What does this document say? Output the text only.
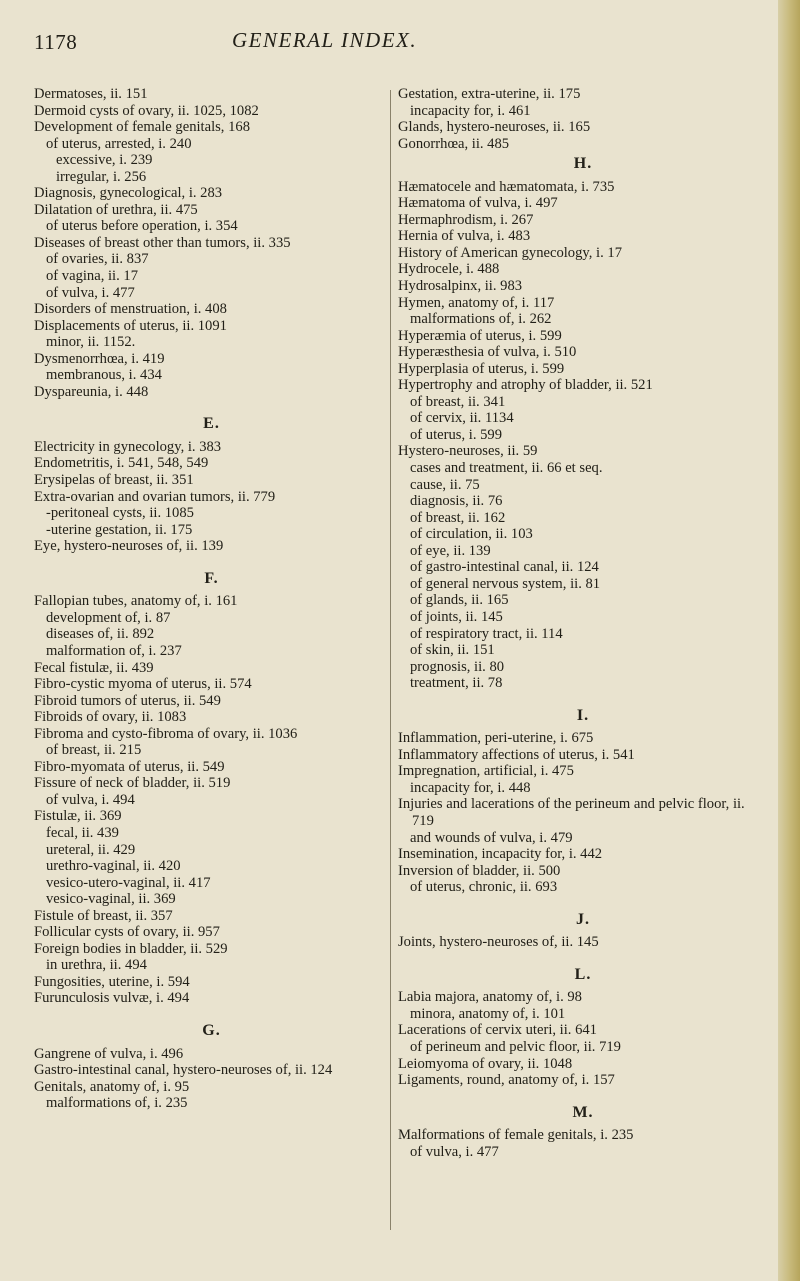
1178	GENERAL INDEX.
Dermatoses, ii. 151
Dermoid cysts of ovary, ii. 1025, 1082
Development of female genitals, 168
of uterus, arrested, i. 240
excessive, i. 239
irregular, i. 256
Diagnosis, gynecological, i. 283
Dilatation of urethra, ii. 475
of uterus before operation, i. 354
Diseases of breast other than tumors, ii. 335
of ovaries, ii. 837
of vagina, ii. 17
of vulva, i. 477
Disorders of menstruation, i. 408
Displacements of uterus, ii. 1091
minor, ii. 1152.
Dysmenorrhœa, i. 419
membranous, i. 434
Dyspareunia, i. 448
E.
Electricity in gynecology, i. 383
Endometritis, i. 541, 548, 549
Erysipelas of breast, ii. 351
Extra-ovarian and ovarian tumors, ii. 779
-peritoneal cysts, ii. 1085
-uterine gestation, ii. 175
Eye, hystero-neuroses of, ii. 139
F.
Fallopian tubes, anatomy of, i. 161
development of, i. 87
diseases of, ii. 892
malformation of, i. 237
Fecal fistulæ, ii. 439
Fibro-cystic myoma of uterus, ii. 574
Fibroid tumors of uterus, ii. 549
Fibroids of ovary, ii. 1083
Fibroma and cysto-fibroma of ovary, ii. 1036
of breast, ii. 215
Fibro-myomata of uterus, ii. 549
Fissure of neck of bladder, ii. 519
of vulva, i. 494
Fistulæ, ii. 369
fecal, ii. 439
ureteral, ii. 429
urethro-vaginal, ii. 420
vesico-utero-vaginal, ii. 417
vesico-vaginal, ii. 369
Fistule of breast, ii. 357
Follicular cysts of ovary, ii. 957
Foreign bodies in bladder, ii. 529
in urethra, ii. 494
Fungosities, uterine, i. 594
Furunculosis vulvæ, i. 494
G.
Gangrene of vulva, i. 496
Gastro-intestinal canal, hystero-neuroses of, ii. 124
Genitals, anatomy of, i. 95
malformations of, i. 235
Gestation, extra-uterine, ii. 175
incapacity for, i. 461
Glands, hystero-neuroses, ii. 165
Gonorrhœa, ii. 485
H.
Hæmatocele and hæmatomata, i. 735
Hæmatoma of vulva, i. 497
Hermaphrodism, i. 267
Hernia of vulva, i. 483
History of American gynecology, i. 17
Hydrocele, i. 488
Hydrosalpinx, ii. 983
Hymen, anatomy of, i. 117
malformations of, i. 262
Hyperæmia of uterus, i. 599
Hyperæsthesia of vulva, i. 510
Hyperplasia of uterus, i. 599
Hypertrophy and atrophy of bladder, ii. 521
of breast, ii. 341
of cervix, ii. 1134
of uterus, i. 599
Hystero-neuroses, ii. 59
cases and treatment, ii. 66 et seq.
cause, ii. 75
diagnosis, ii. 76
of breast, ii. 162
of circulation, ii. 103
of eye, ii. 139
of gastro-intestinal canal, ii. 124
of general nervous system, ii. 81
of glands, ii. 165
of joints, ii. 145
of respiratory tract, ii. 114
of skin, ii. 151
prognosis, ii. 80
treatment, ii. 78
I.
Inflammation, peri-uterine, i. 675
Inflammatory affections of uterus, i. 541
Impregnation, artificial, i. 475
incapacity for, i. 448
Injuries and lacerations of the perineum and pelvic floor, ii. 719
and wounds of vulva, i. 479
Insemination, incapacity for, i. 442
Inversion of bladder, ii. 500
of uterus, chronic, ii. 693
J.
Joints, hystero-neuroses of, ii. 145
L.
Labia majora, anatomy of, i. 98
minora, anatomy of, i. 101
Lacerations of cervix uteri, ii. 641
of perineum and pelvic floor, ii. 719
Leiomyoma of ovary, ii. 1048
Ligaments, round, anatomy of, i. 157
M.
Malformations of female genitals, i. 235
of vulva, i. 477
